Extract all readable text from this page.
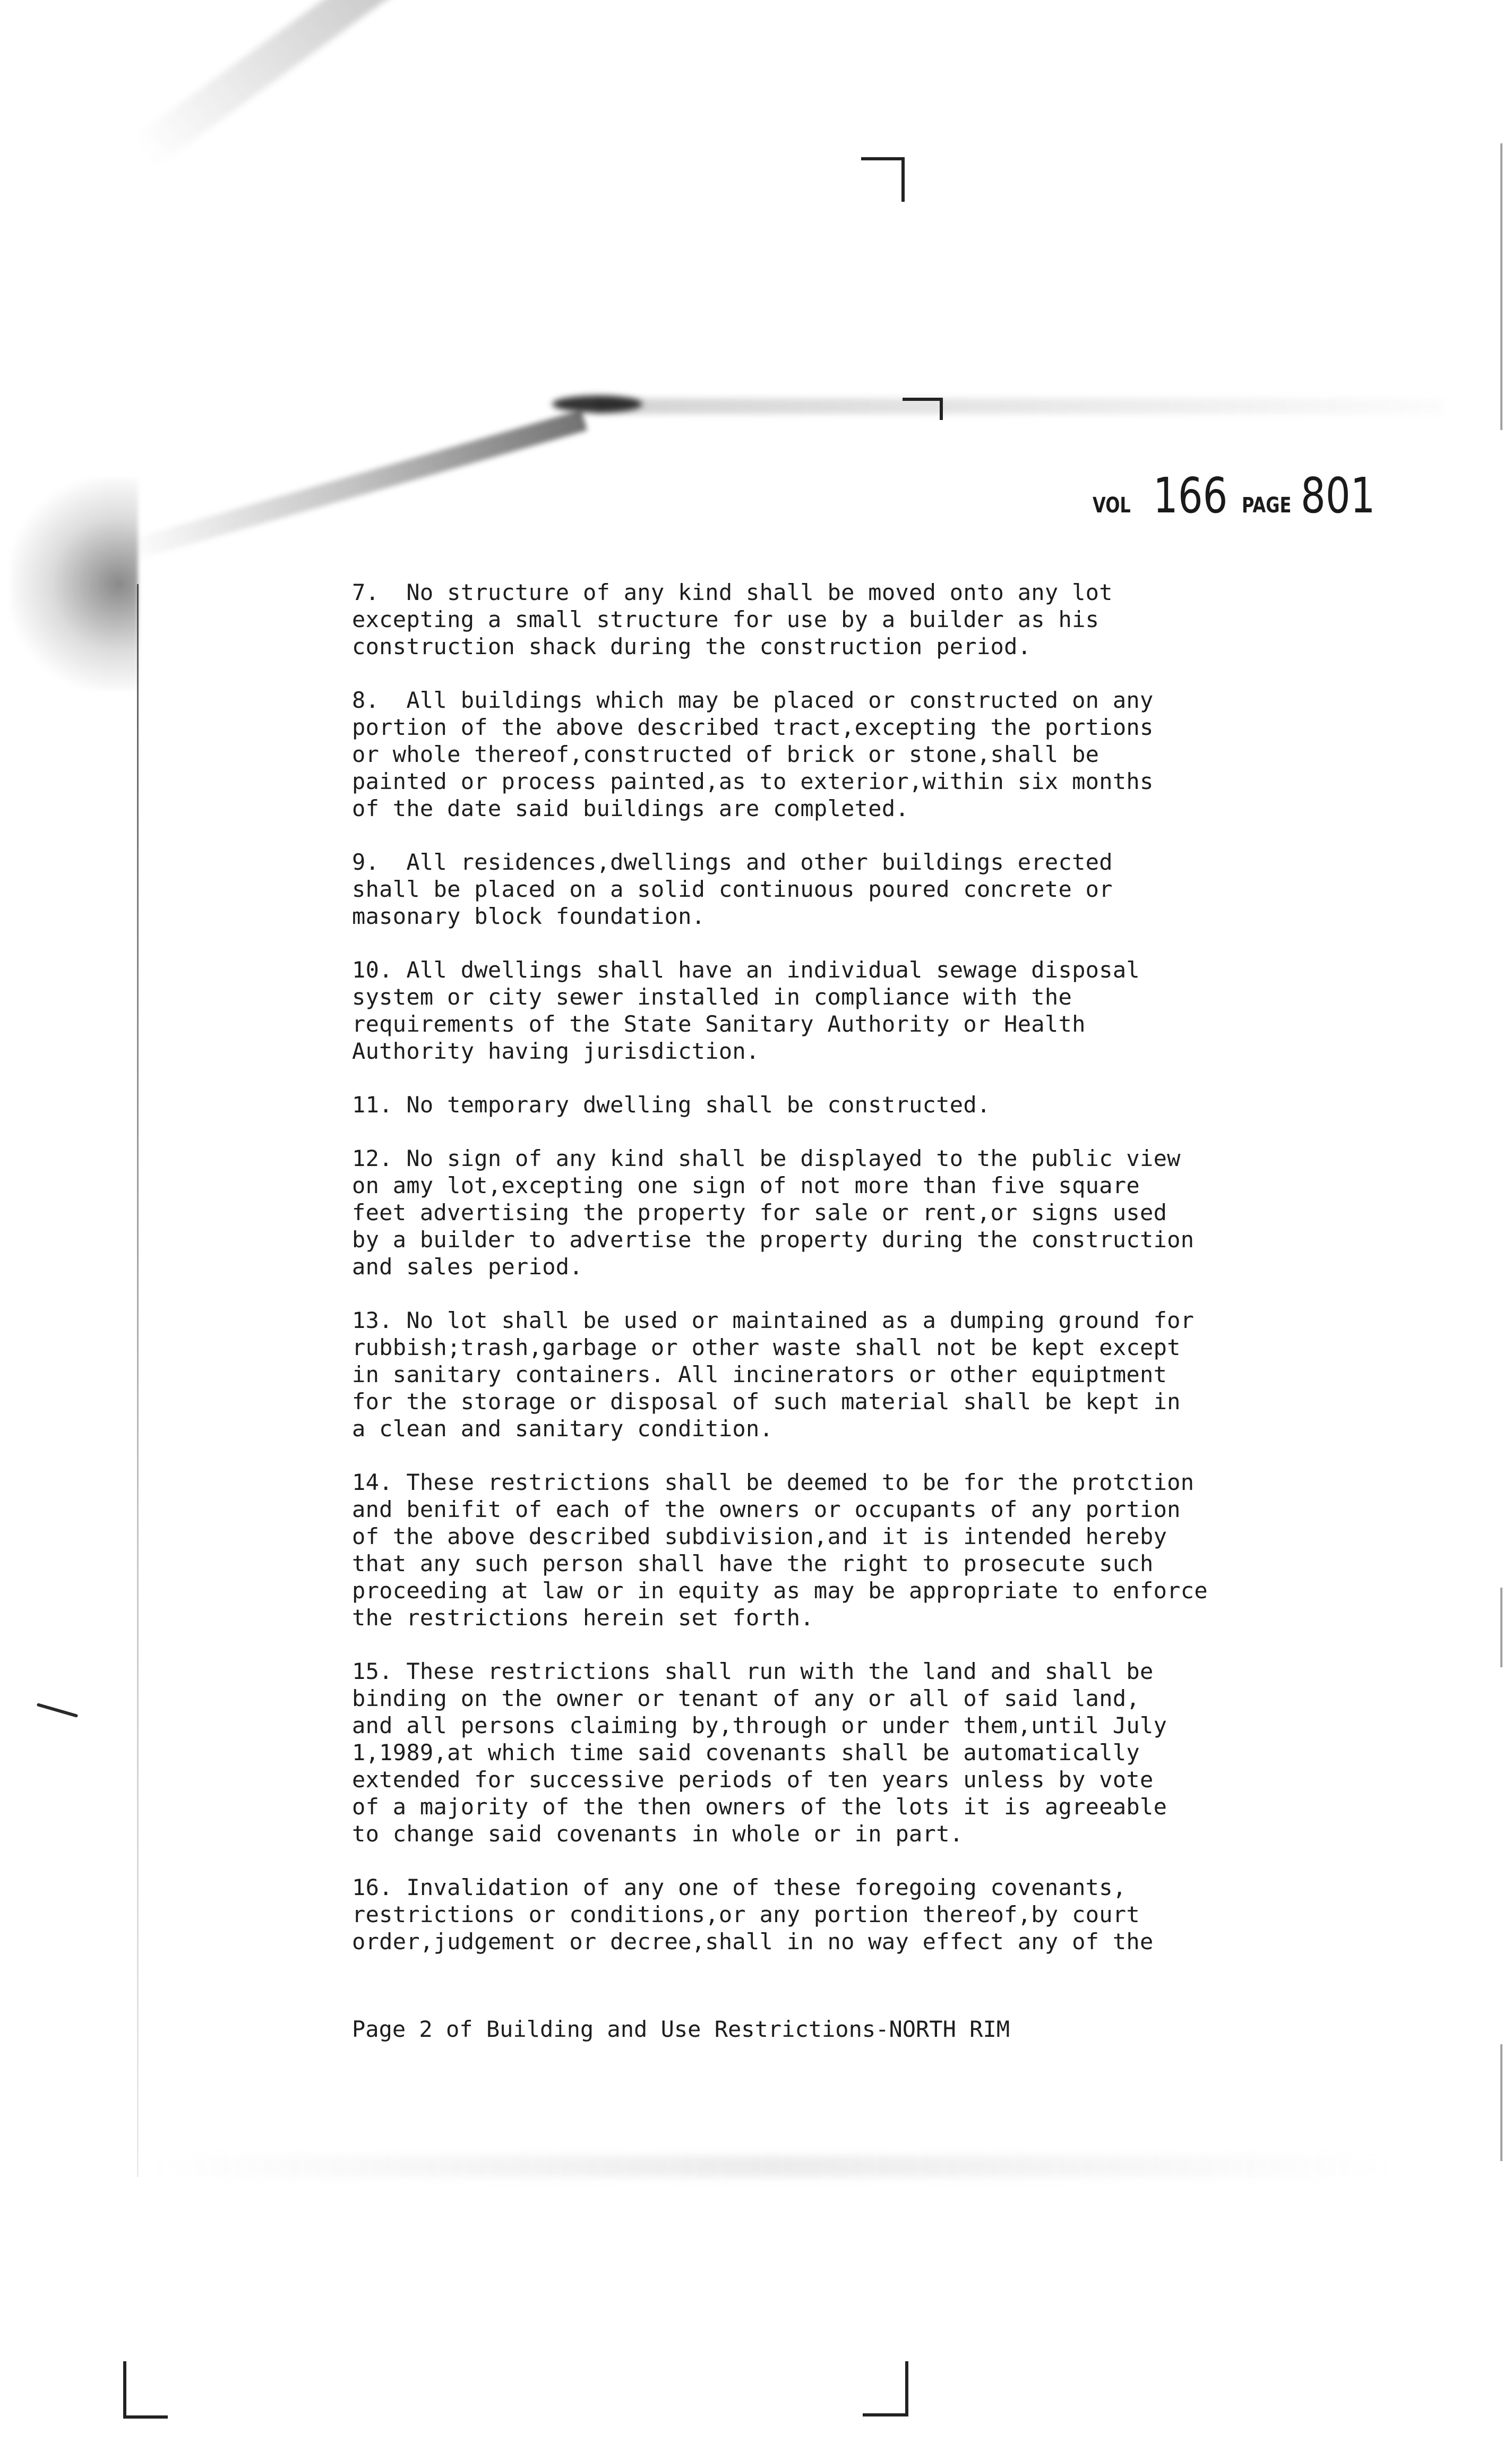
VOL 166 PAGE 801
7.  No structure of any kind shall be moved onto any lot
excepting a small structure for use by a builder as his
construction shack during the construction period.
8.  All buildings which may be placed or constructed on any
portion of the above described tract,excepting the portions
or whole thereof,constructed of brick or stone,shall be
painted or process painted,as to exterior,within six months
of the date said buildings are completed.
9.  All residences,dwellings and other buildings erected
shall be placed on a solid continuous poured concrete or
masonary block foundation.
10. All dwellings shall have an individual sewage disposal
system or city sewer installed in compliance with the
requirements of the State Sanitary Authority or Health
Authority having jurisdiction.
11. No temporary dwelling shall be constructed.
12. No sign of any kind shall be displayed to the public view
on amy lot,excepting one sign of not more than five square
feet advertising the property for sale or rent,or signs used
by a builder to advertise the property during the construction
and sales period.
13. No lot shall be used or maintained as a dumping ground for
rubbish;trash,garbage or other waste shall not be kept except
in sanitary containers. All incinerators or other equiptment
for the storage or disposal of such material shall be kept in
a clean and sanitary condition.
14. These restrictions shall be deemed to be for the protction
and benifit of each of the owners or occupants of any portion
of the above described subdivision,and it is intended hereby
that any such person shall have the right to prosecute such
proceeding at law or in equity as may be appropriate to enforce
the restrictions herein set forth.
15. These restrictions shall run with the land and shall be
binding on the owner or tenant of any or all of said land,
and all persons claiming by,through or under them,until July
1,1989,at which time said covenants shall be automatically
extended for successive periods of ten years unless by vote
of a majority of the then owners of the lots it is agreeable
to change said covenants in whole or in part.
16. Invalidation of any one of these foregoing covenants,
restrictions or conditions,or any portion thereof,by court
order,judgement or decree,shall in no way effect any of the
Page 2 of Building and Use Restrictions-NORTH RIM
